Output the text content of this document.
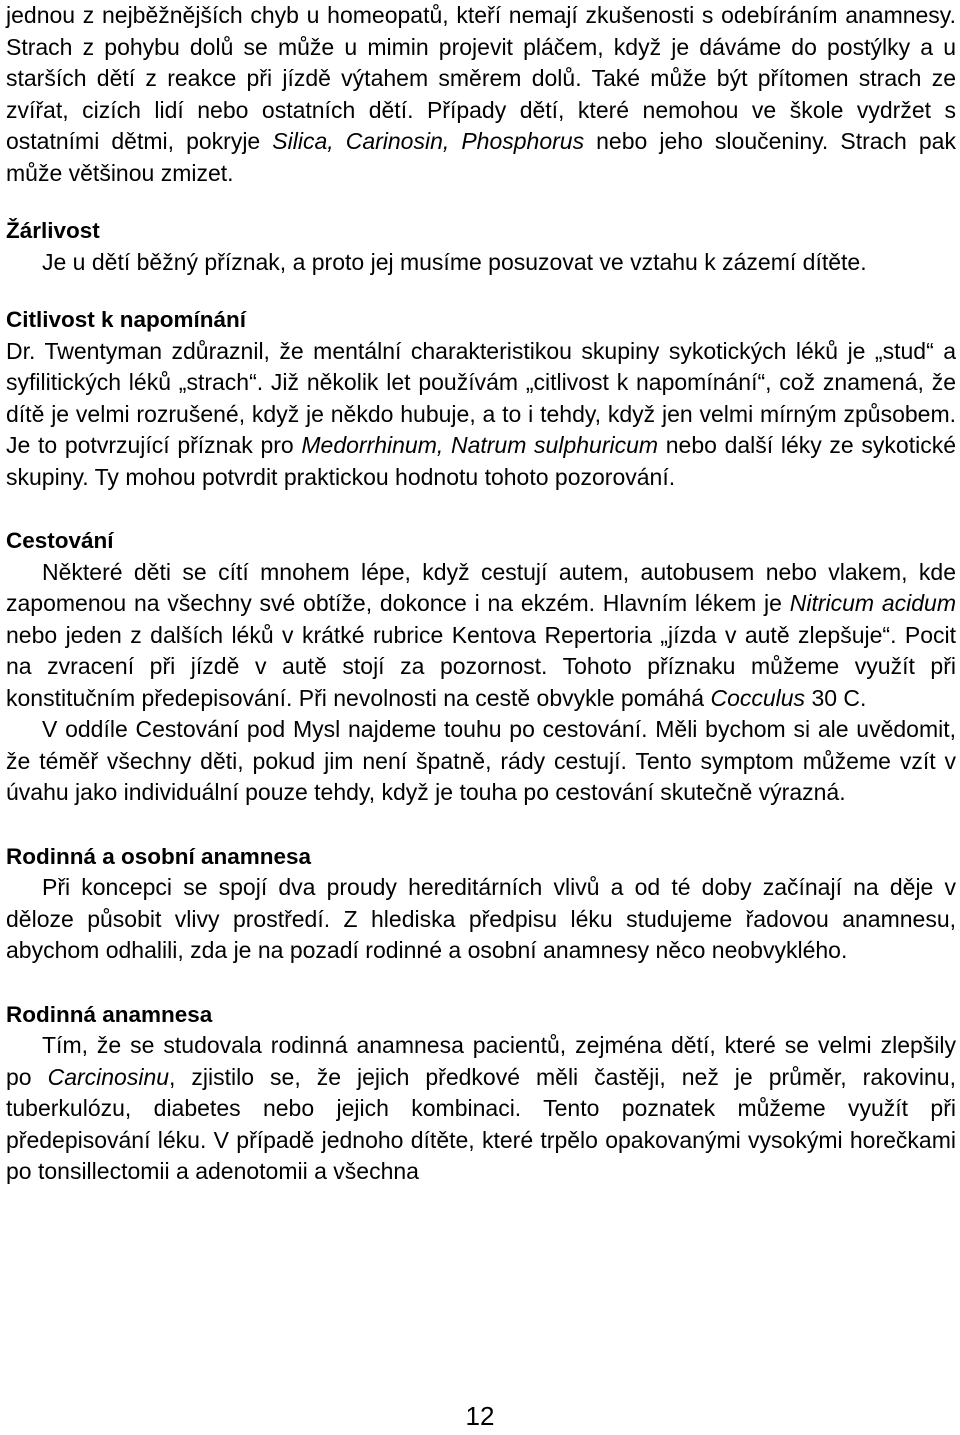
jednou z nejběžnějších chyb u homeopatů, kteří nemají zkušenosti s odebíráním anamnesy. Strach z pohybu dolů se může u mimin projevit pláčem, když je dáváme do postýlky a u starších dětí z reakce při jízdě výtahem směrem dolů. Také může být přítomen strach ze zvířat, cizích lidí nebo ostatních dětí. Případy dětí, které nemohou ve škole vydržet s ostatními dětmi, pokryje Silica, Carinosin, Phosphorus nebo jeho sloučeniny. Strach pak může většinou zmizet.

Žárlivost

Je u dětí běžný příznak, a proto jej musíme posuzovat ve vztahu k zázemí dítěte.

Citlivost k napomínání

Dr. Twentyman zdůraznil, že mentální charakteristikou skupiny sykotických léků je „stud“ a syfilitických léků „strach“. Již několik let používám „citlivost k napomínání“, což znamená, že dítě je velmi rozrušené, když je někdo hubuje, a to i tehdy, když jen velmi mírným způsobem. Je to potvrzující příznak pro Medorrhinum, Natrum sulphuricum nebo další léky ze sykotické skupiny. Ty mohou potvrdit praktickou hodnotu tohoto pozorování.

Cestování

Některé děti se cítí mnohem lépe, když cestují autem, autobusem nebo vlakem, kde zapomenou na všechny své obtíže, dokonce i na ekzém. Hlavním lékem je Nitricum acidum nebo jeden z dalších léků v krátké rubrice Kentova Repertoria „jízda v autě zlepšuje“. Pocit na zvracení při jízdě v autě stojí za pozornost. Tohoto příznaku můžeme využít při konstitučním předepisování. Při nevolnosti na cestě obvykle pomáhá Cocculus 30 C.

V oddíle Cestování pod Mysl najdeme touhu po cestování. Měli bychom si ale uvědomit, že téměř všechny děti, pokud jim není špatně, rády cestují. Tento symptom můžeme vzít v úvahu jako individuální pouze tehdy, když je touha po cestování skutečně výrazná.

Rodinná a osobní anamnesa

Při koncepci se spojí dva proudy hereditárních vlivů a od té doby začínají na děje v děloze působit vlivy prostředí. Z hlediska předpisu léku studujeme řadovou anamnesu, abychom odhalili, zda je na pozadí rodinné a osobní anamnesy něco neobvyklého.

Rodinná anamnesa

Tím, že se studovala rodinná anamnesa pacientů, zejména dětí, které se velmi zlepšily po Carcinosinu, zjistilo se, že jejich předkové měli častěji, než je průměr, rakovinu, tuberkulózu, diabetes nebo jejich kombinaci. Tento poznatek můžeme využít při předepisování léku. V případě jednoho dítěte, které trpělo opakovanými vysokými horečkami po tonsillectomii a adenotomii a všechna

12
